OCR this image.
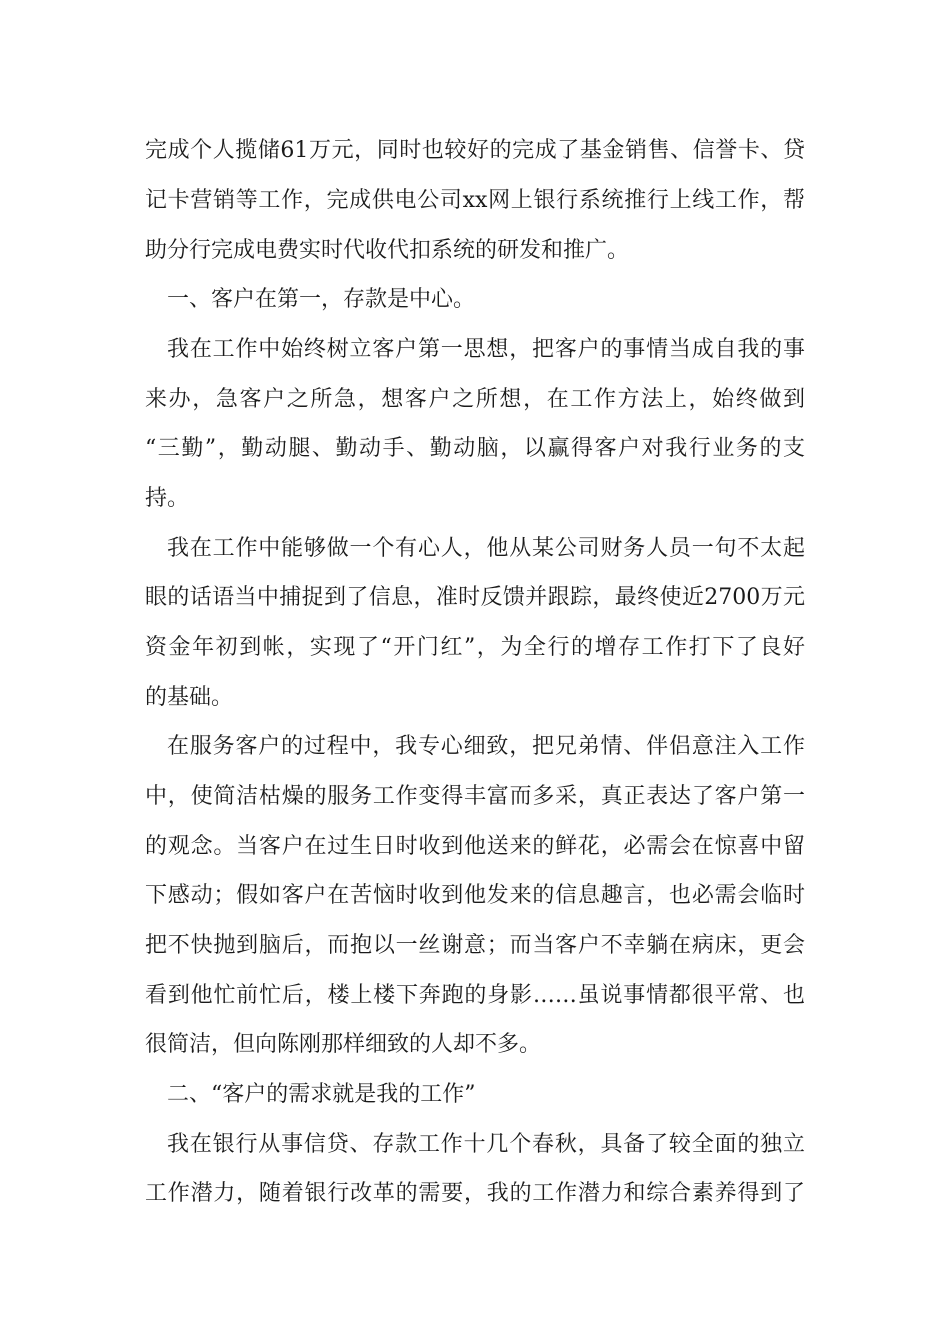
完成个人揽储61万元，同时也较好的完成了基金销售、信誉卡、贷
记卡营销等工作，完成供电公司xx网上银行系统推行上线工作，帮
助分行完成电费实时代收代扣系统的研发和推广。
一、客户在第一，存款是中心。
我在工作中始终树立客户第一思想，把客户的事情当成自我的事
来办，急客户之所急，想客户之所想，在工作方法上，始终做到
“三勤”，勤动腿、勤动手、勤动脑，以赢得客户对我行业务的支
持。
我在工作中能够做一个有心人，他从某公司财务人员一句不太起
眼的话语当中捕捉到了信息，准时反馈并跟踪，最终使近2700万元
资金年初到帐，实现了“开门红”，为全行的增存工作打下了良好
的基础。
在服务客户的过程中，我专心细致，把兄弟情、伴侣意注入工作
中，使简洁枯燥的服务工作变得丰富而多采，真正表达了客户第一
的观念。当客户在过生日时收到他送来的鲜花，必需会在惊喜中留
下感动；假如客户在苦恼时收到他发来的信息趣言，也必需会临时
把不快抛到脑后，而抱以一丝谢意；而当客户不幸躺在病床，更会
看到他忙前忙后，楼上楼下奔跑的身影……虽说事情都很平常、也
很简洁，但向陈刚那样细致的人却不多。
二、“客户的需求就是我的工作”
我在银行从事信贷、存款工作十几个春秋，具备了较全面的独立
工作潜力，随着银行改革的需要，我的工作潜力和综合素养得到了
